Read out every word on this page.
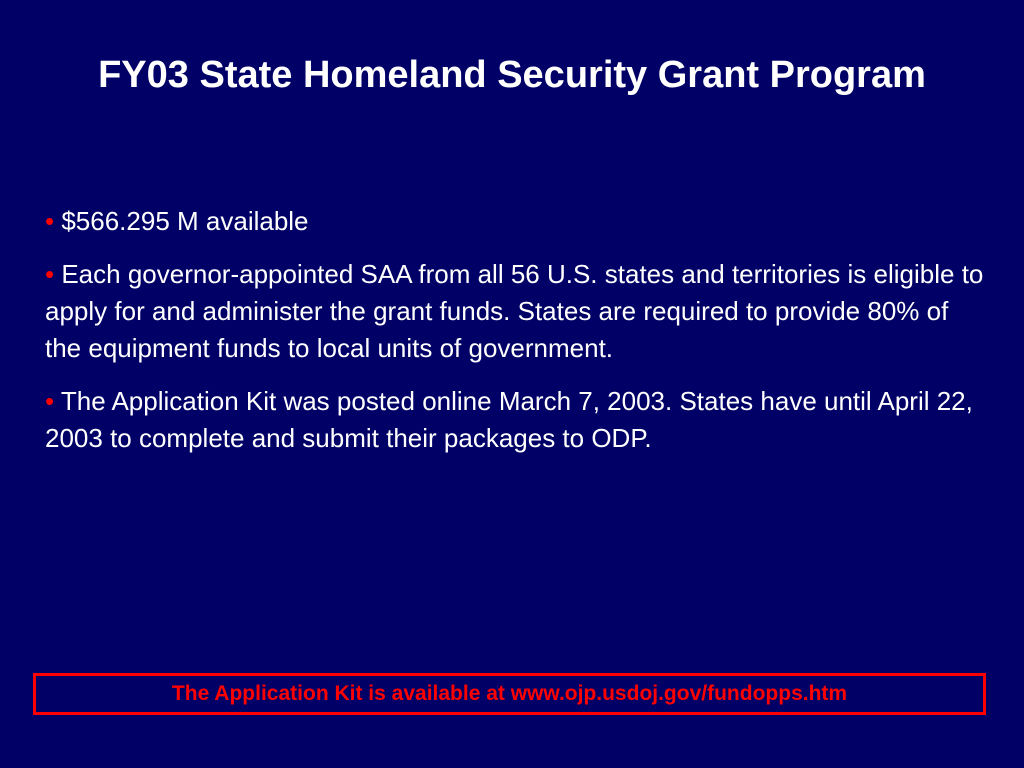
FY03 State Homeland Security Grant Program
• $566.295 M available
• Each governor-appointed SAA from all 56 U.S. states and territories is eligible to apply for and administer the grant funds. States are required to provide 80% of the equipment funds to local units of government.
• The Application Kit was posted online March 7, 2003. States have until April 22, 2003 to complete and submit their packages to ODP.
The Application Kit is available at www.ojp.usdoj.gov/fundopps.htm
